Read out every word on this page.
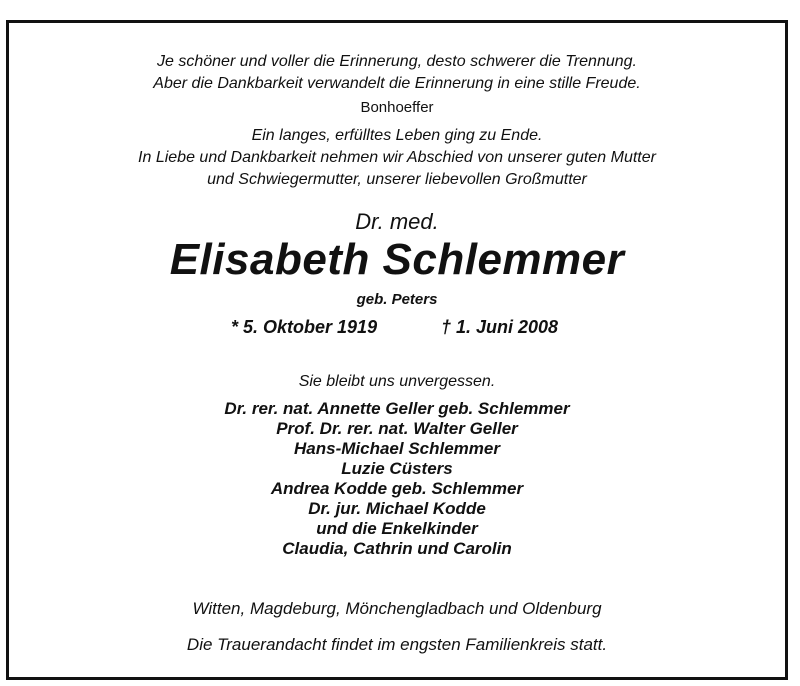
Je schöner und voller die Erinnerung, desto schwerer die Trennung.
Aber die Dankbarkeit verwandelt die Erinnerung in eine stille Freude.
Bonhoeffer
Ein langes, erfülltes Leben ging zu Ende.
In Liebe und Dankbarkeit nehmen wir Abschied von unserer guten Mutter
und Schwiegermutter, unserer liebevollen Großmutter
Dr. med.
Elisabeth Schlemmer
geb. Peters
* 5. Oktober 1919	† 1. Juni 2008
Sie bleibt uns unvergessen.
Dr. rer. nat. Annette Geller geb. Schlemmer
Prof. Dr. rer. nat. Walter Geller
Hans-Michael Schlemmer
Luzie Cüsters
Andrea Kodde geb. Schlemmer
Dr. jur. Michael Kodde
und die Enkelkinder
Claudia, Cathrin und Carolin
Witten, Magdeburg, Mönchengladbach und Oldenburg
Die Trauerandacht findet im engsten Familienkreis statt.
